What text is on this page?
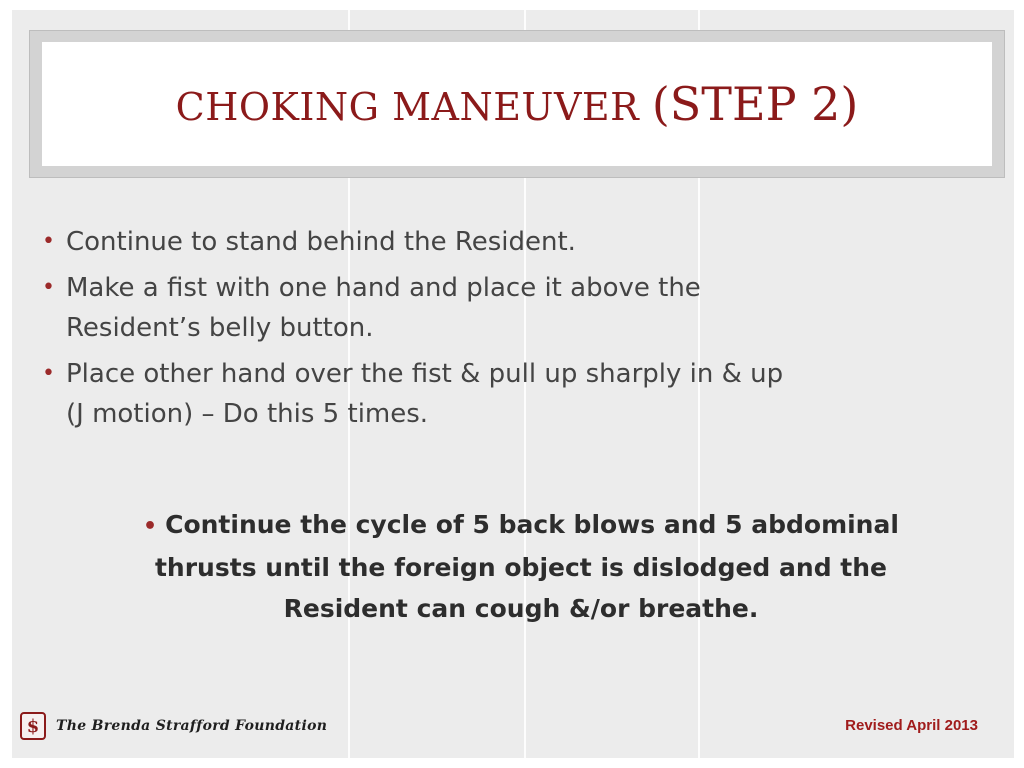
CHOKING MANEUVER (STEP 2)
• Continue to stand behind the Resident.
• Make a fist with one hand and place it above the
Resident’s belly button.
• Place other hand over the fist & pull up sharply in & up
(J motion) – Do this 5 times.
• Continue the cycle of 5 back blows and 5 abdominal
thrusts until the foreign object is dislodged and the
Resident can cough &/or breathe.
$ The Brenda Strafford Foundation	Revised April 2013
